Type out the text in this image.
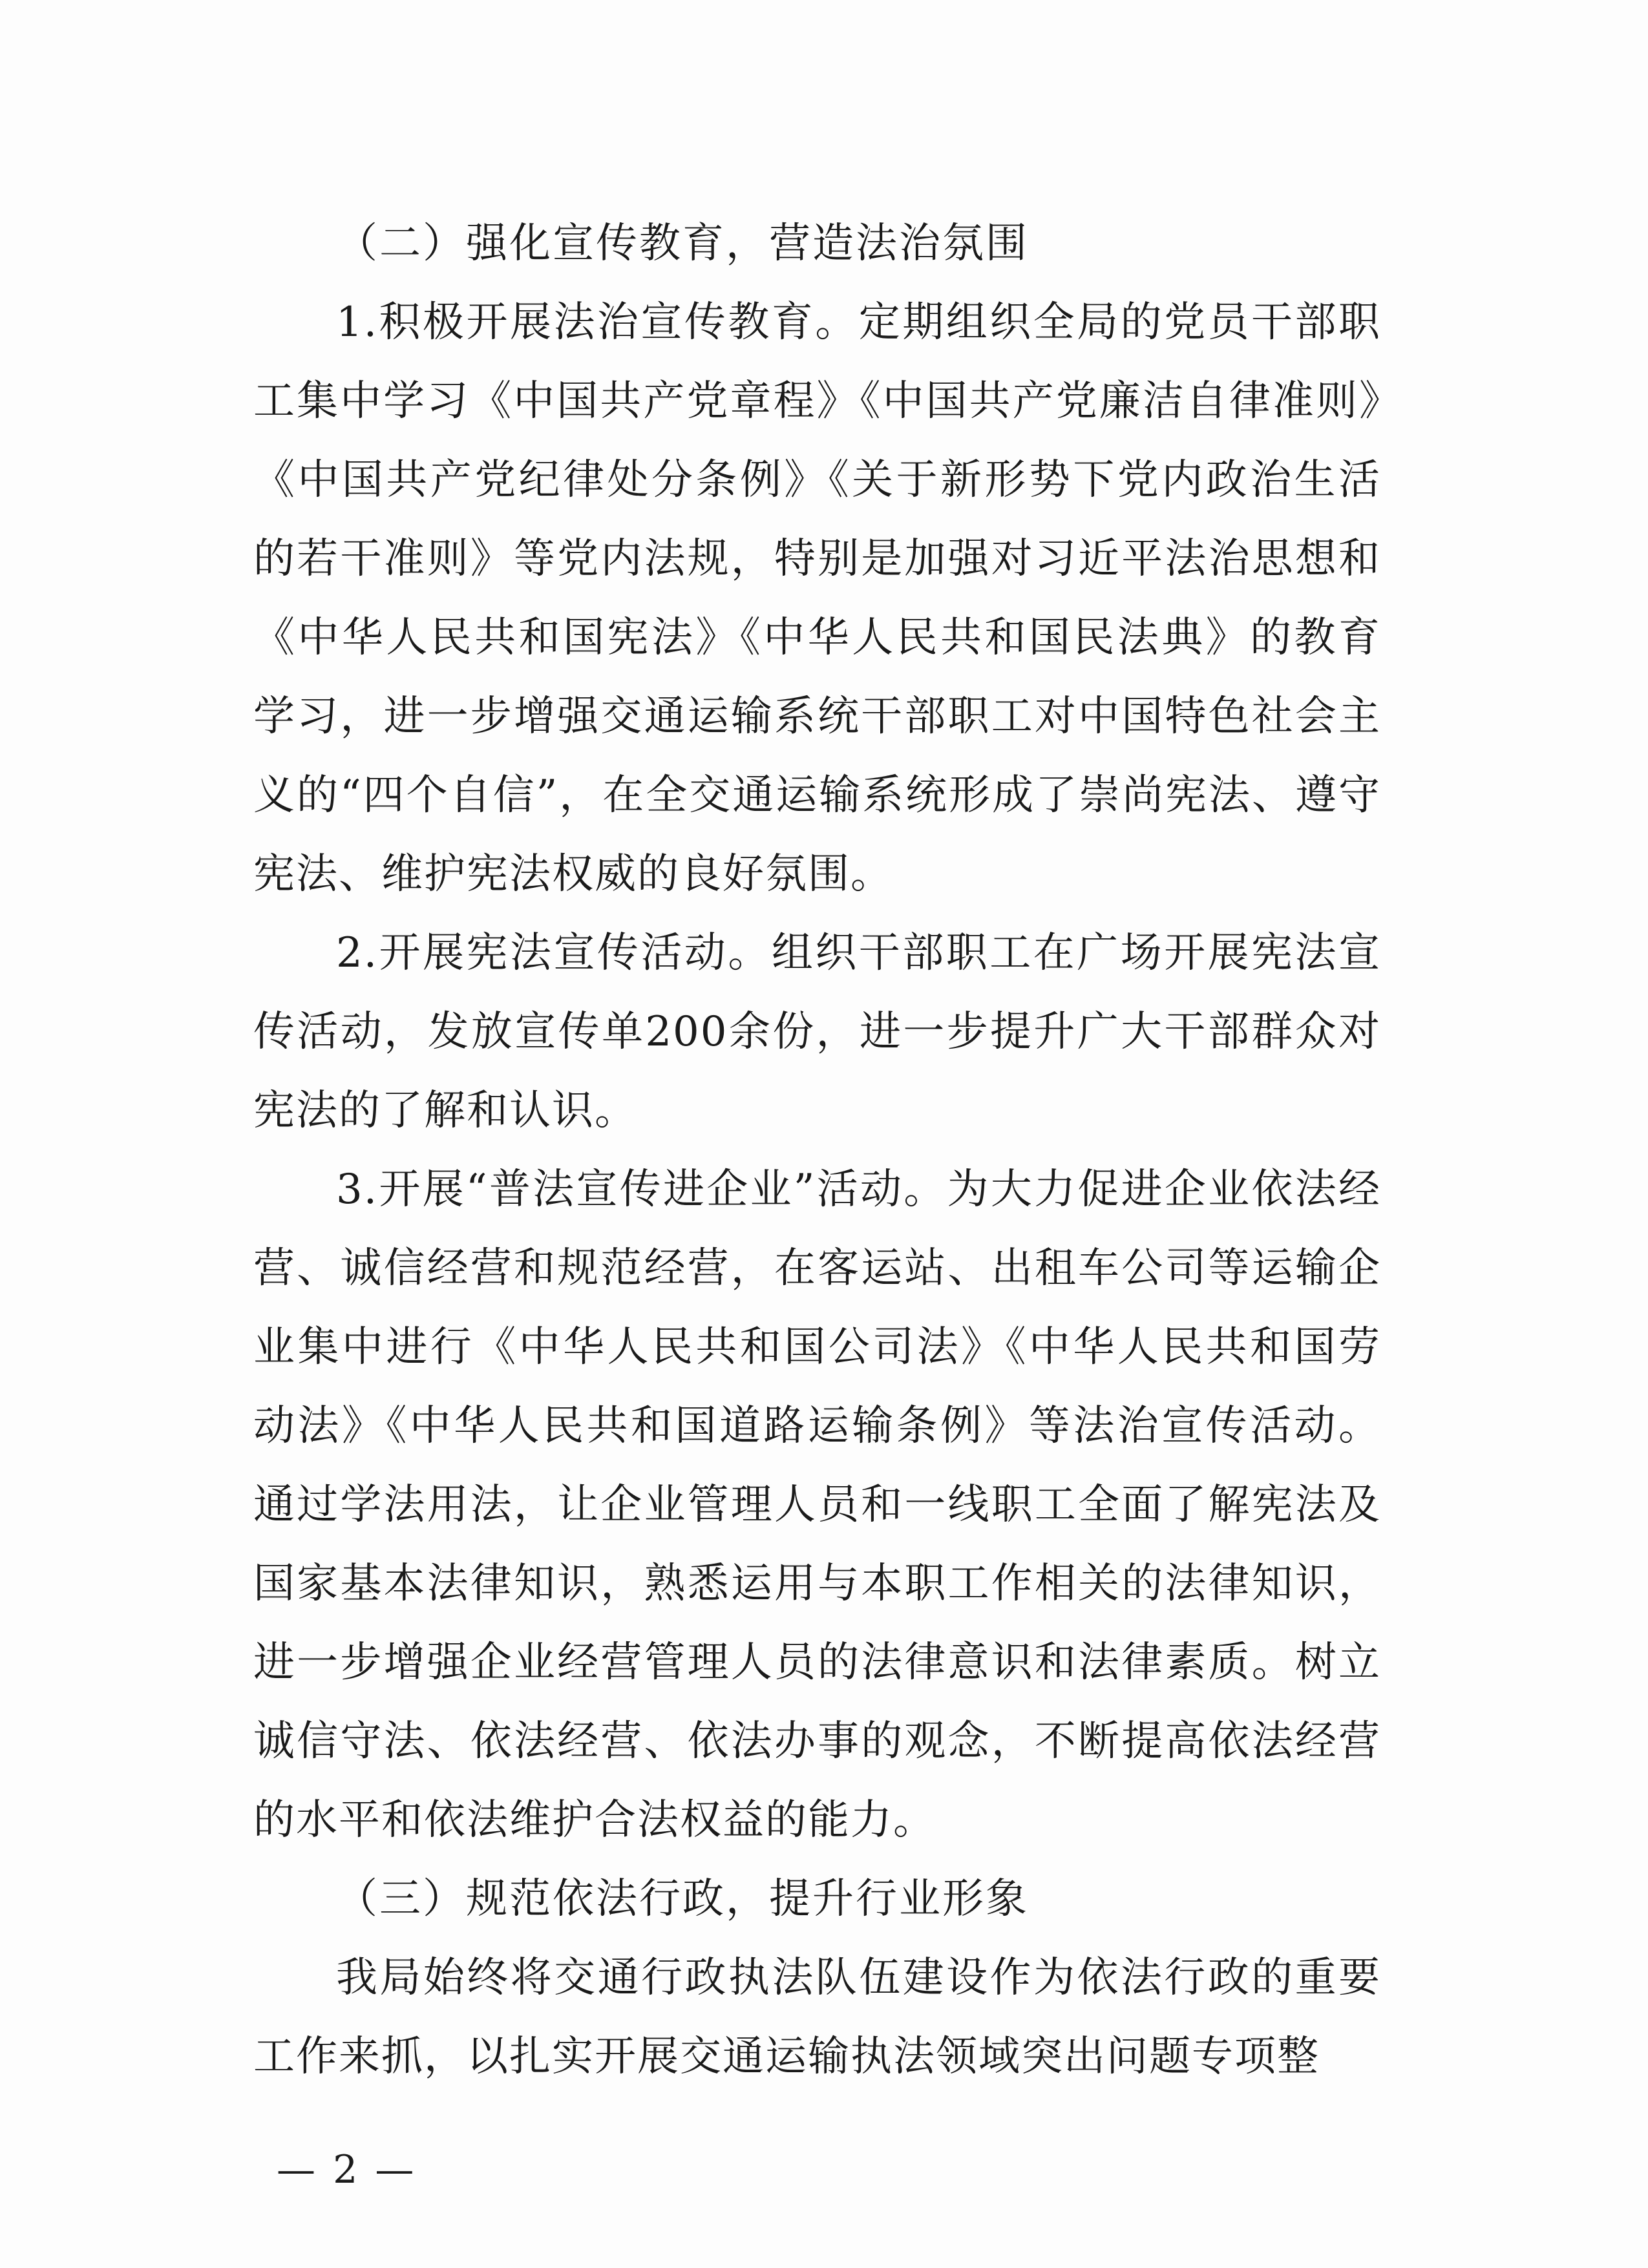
（二）强化宣传教育，营造法治氛围

1.积极开展法治宣传教育。定期组织全局的党员干部职工集中学习《中国共产党章程》《中国共产党廉洁自律准则》《中国共产党纪律处分条例》《关于新形势下党内政治生活的若干准则》等党内法规，特别是加强对习近平法治思想和《中华人民共和国宪法》《中华人民共和国民法典》的教育学习，进一步增强交通运输系统干部职工对中国特色社会主义的“四个自信”，在全交通运输系统形成了崇尚宪法、遵守宪法、维护宪法权威的良好氛围。

2.开展宪法宣传活动。组织干部职工在广场开展宪法宣传活动，发放宣传单200余份，进一步提升广大干部群众对宪法的了解和认识。

3.开展“普法宣传进企业”活动。为大力促进企业依法经营、诚信经营和规范经营，在客运站、出租车公司等运输企业集中进行《中华人民共和国公司法》《中华人民共和国劳动法》《中华人民共和国道路运输条例》等法治宣传活动。通过学法用法，让企业管理人员和一线职工全面了解宪法及国家基本法律知识，熟悉运用与本职工作相关的法律知识，进一步增强企业经营管理人员的法律意识和法律素质。树立诚信守法、依法经营、依法办事的观念，不断提高依法经营的水平和依法维护合法权益的能力。

（三）规范依法行政，提升行业形象

我局始终将交通行政执法队伍建设作为依法行政的重要工作来抓，以扎实开展交通运输执法领域突出问题专项整

— 2 —
